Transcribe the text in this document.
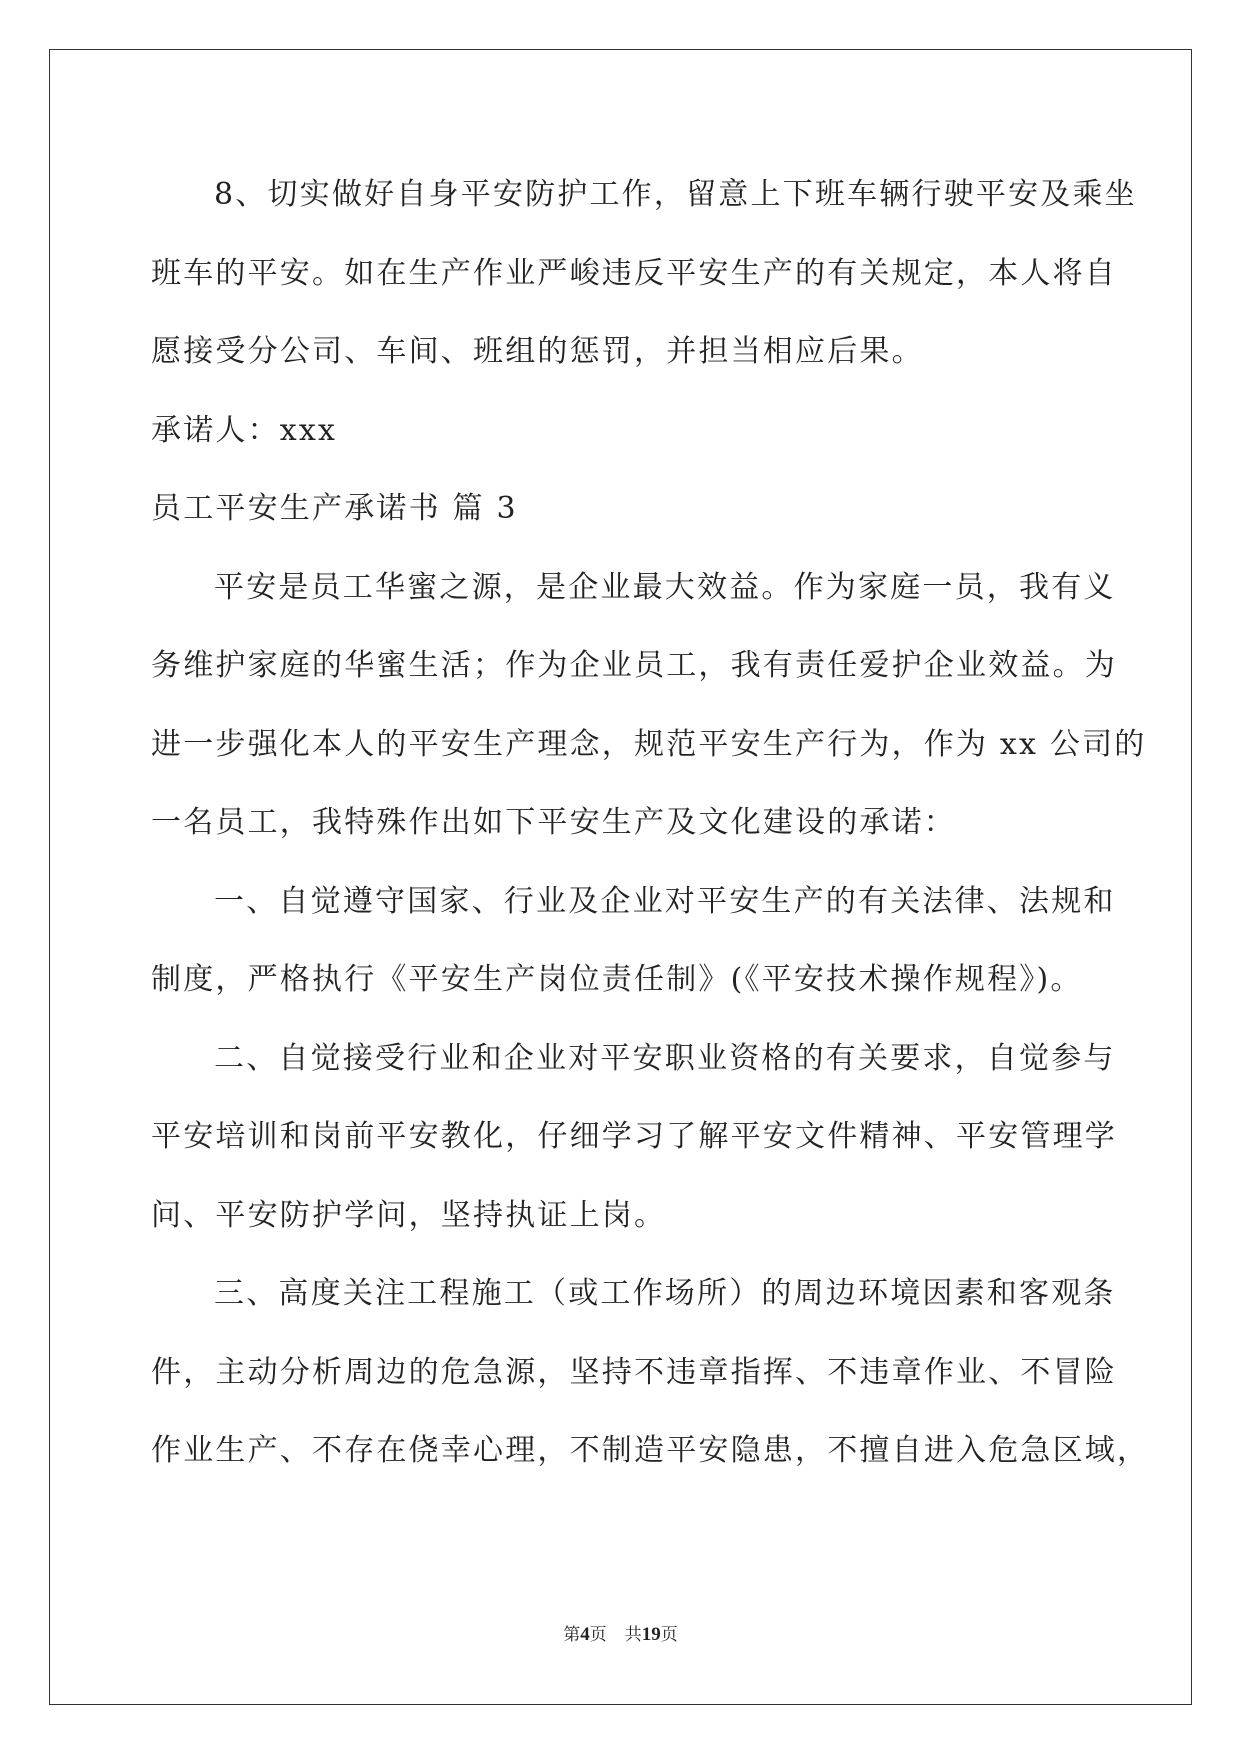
8、切实做好自身平安防护工作，留意上下班车辆行驶平安及乘坐

班车的平安。如在生产作业严峻违反平安生产的有关规定，本人将自

愿接受分公司、车间、班组的惩罚，并担当相应后果。

承诺人：xxx

员工平安生产承诺书 篇 3

平安是员工华蜜之源，是企业最大效益。作为家庭一员，我有义

务维护家庭的华蜜生活；作为企业员工，我有责任爱护企业效益。为

进一步强化本人的平安生产理念，规范平安生产行为，作为 xx 公司的

一名员工，我特殊作出如下平安生产及文化建设的承诺：

一、自觉遵守国家、行业及企业对平安生产的有关法律、法规和

制度，严格执行《平安生产岗位责任制》(《平安技术操作规程》)。

二、自觉接受行业和企业对平安职业资格的有关要求，自觉参与

平安培训和岗前平安教化，仔细学习了解平安文件精神、平安管理学

问、平安防护学问，坚持执证上岗。

三、高度关注工程施工（或工作场所）的周边环境因素和客观条

件，主动分析周边的危急源，坚持不违章指挥、不违章作业、不冒险

作业生产、不存在侥幸心理，不制造平安隐患，不擅自进入危急区域，

第4页 共19页
